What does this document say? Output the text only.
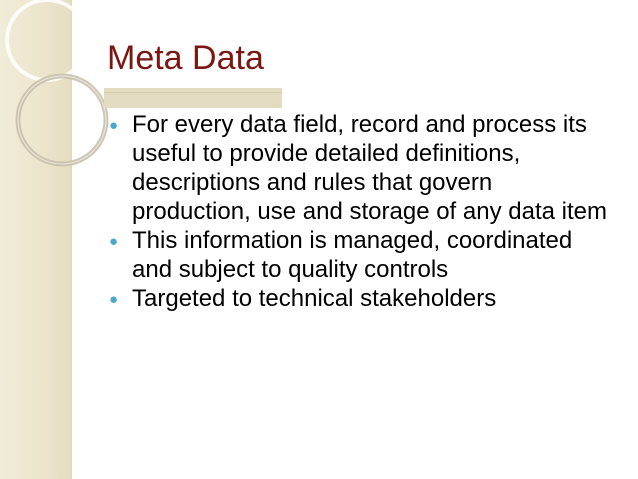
Meta Data
● For every data field, record and process its useful to provide detailed definitions, descriptions and rules that govern production, use and storage of any data item
● This information is managed, coordinated and subject to quality controls
● Targeted to technical stakeholders
